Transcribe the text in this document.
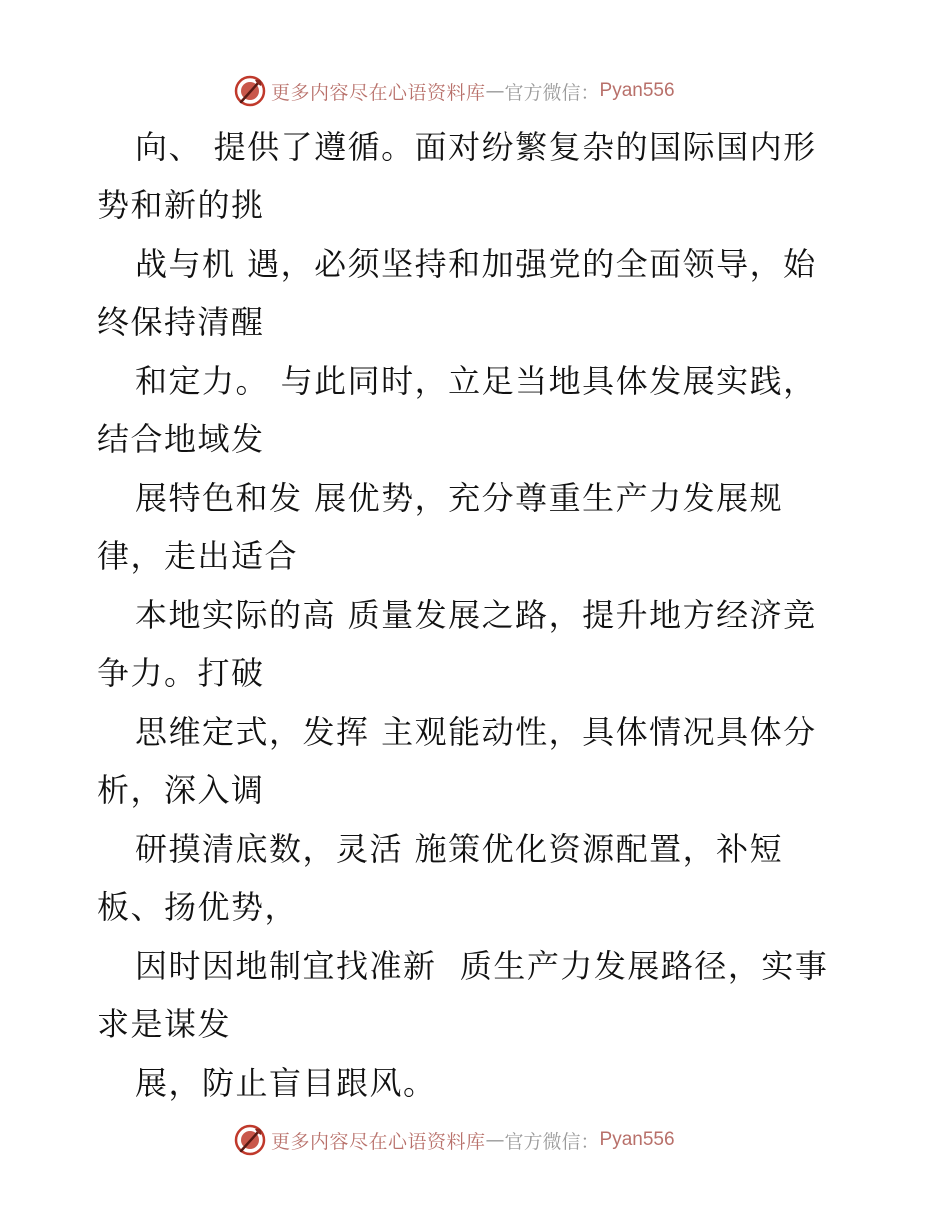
更多内容尽在心语资料库 — 官方微信： Pyan556
向、 提供了遵循。面对纷繁复杂的国际国内形
势和新的挑
战与机 遇，必须坚持和加强党的全面领导，始
终保持清醒
和定力。 与此同时，立足当地具体发展实践，
结合地域发
展特色和发 展优势，充分尊重生产力发展规
律，走出适合
本地实际的高 质量发展之路，提升地方经济竞
争力。打破
思维定式，发挥 主观能动性，具体情况具体分
析，深入调
研摸清底数，灵活 施策优化资源配置，补短
板、扬优势，
因时因地制宜找准新  质生产力发展路径，实事
求是谋发
展，防止盲目跟风。
更多内容尽在心语资料库 — 官方微信： Pyan556
